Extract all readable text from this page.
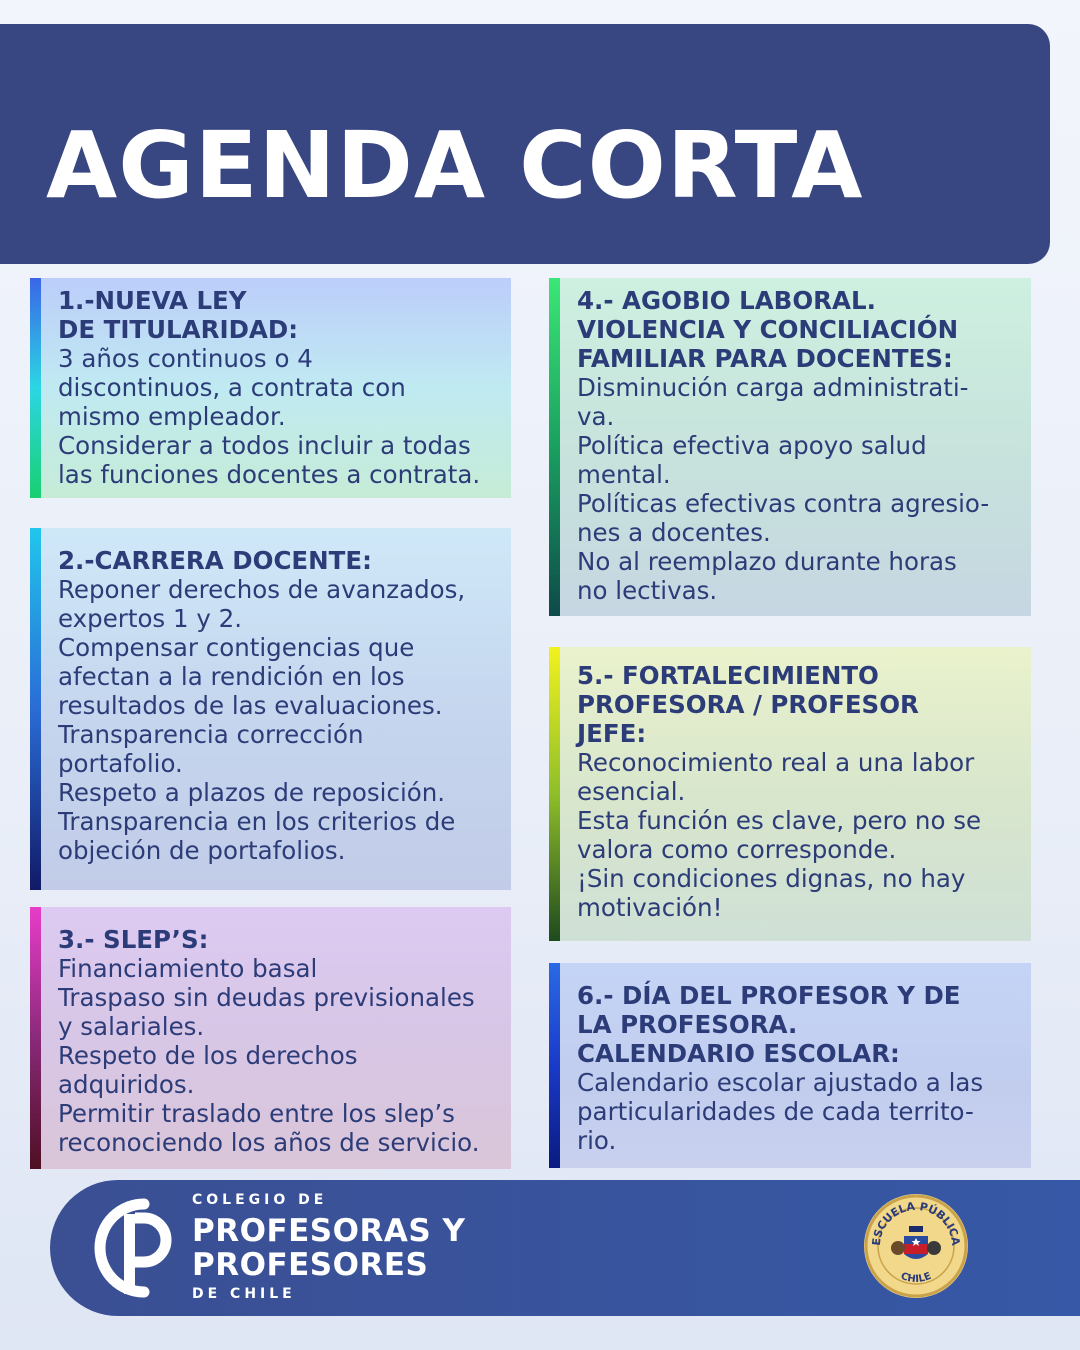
AGENDA CORTA
1.-NUEVA LEY
DE TITULARIDAD:
3 años continuos o 4
discontinuos, a contrata con
mismo empleador.
Considerar a todos incluir a todas
las funciones docentes a contrata.
2.-CARRERA DOCENTE:
Reponer derechos de avanzados,
expertos 1 y 2.
Compensar contigencias que
afectan a la rendición en los
resultados de las evaluaciones.
Transparencia corrección
portafolio.
Respeto a plazos de reposición.
Transparencia en los criterios de
objeción de portafolios.
3.- SLEP’S:
Financiamiento basal
Traspaso sin deudas previsionales
y salariales.
Respeto de los derechos
adquiridos.
Permitir traslado entre los slep’s
reconociendo los años de servicio.
4.- AGOBIO LABORAL.
VIOLENCIA Y CONCILIACIÓN
FAMILIAR PARA DOCENTES:
Disminución carga administrati-
va.
Política efectiva apoyo salud
mental.
Políticas efectivas contra agresio-
nes a docentes.
No al reemplazo durante horas
no lectivas.
5.- FORTALECIMIENTO
PROFESORA / PROFESOR
JEFE:
Reconocimiento real a una labor
esencial.
Esta función es clave, pero no se
valora como corresponde.
¡Sin condiciones dignas, no hay
motivación!
6.- DÍA DEL PROFESOR Y DE
LA PROFESORA.
CALENDARIO ESCOLAR:
Calendario escolar ajustado a las
particularidades de cada territo-
rio.
COLEGIO DE
PROFESORAS Y
PROFESORES
DE CHILE
ESCUELA PÚBLICA
CHILE
